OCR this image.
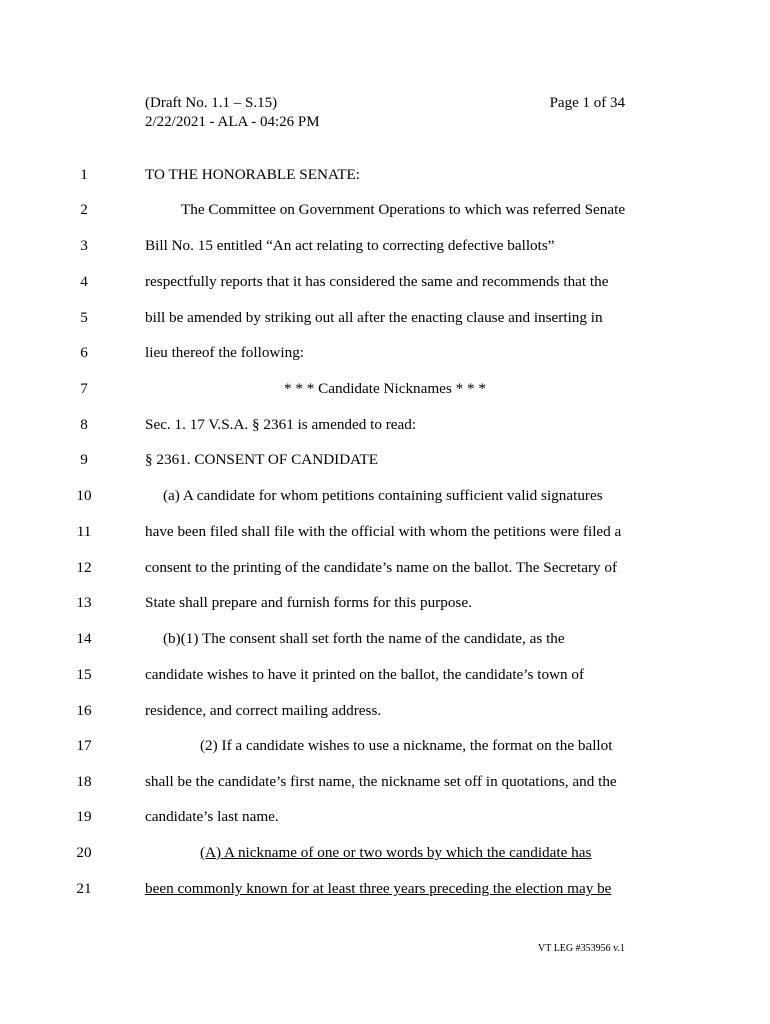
(Draft No. 1.1 – S.15)
2/22/2021 - ALA - 04:26 PM
Page 1 of 34
1	TO THE HONORABLE SENATE:
2	The Committee on Government Operations to which was referred Senate
3	Bill No. 15 entitled “An act relating to correcting defective ballots”
4	respectfully reports that it has considered the same and recommends that the
5	bill be amended by striking out all after the enacting clause and inserting in
6	lieu thereof the following:
7	* * * Candidate Nicknames * * *
8	Sec. 1. 17 V.S.A. § 2361 is amended to read:
9	§ 2361. CONSENT OF CANDIDATE
10	(a) A candidate for whom petitions containing sufficient valid signatures
11	have been filed shall file with the official with whom the petitions were filed a
12	consent to the printing of the candidate’s name on the ballot. The Secretary of
13	State shall prepare and furnish forms for this purpose.
14	(b)(1) The consent shall set forth the name of the candidate, as the
15	candidate wishes to have it printed on the ballot, the candidate’s town of
16	residence, and correct mailing address.
17	(2) If a candidate wishes to use a nickname, the format on the ballot
18	shall be the candidate’s first name, the nickname set off in quotations, and the
19	candidate’s last name.
20	(A) A nickname of one or two words by which the candidate has
21	been commonly known for at least three years preceding the election may be
VT LEG #353956 v.1
